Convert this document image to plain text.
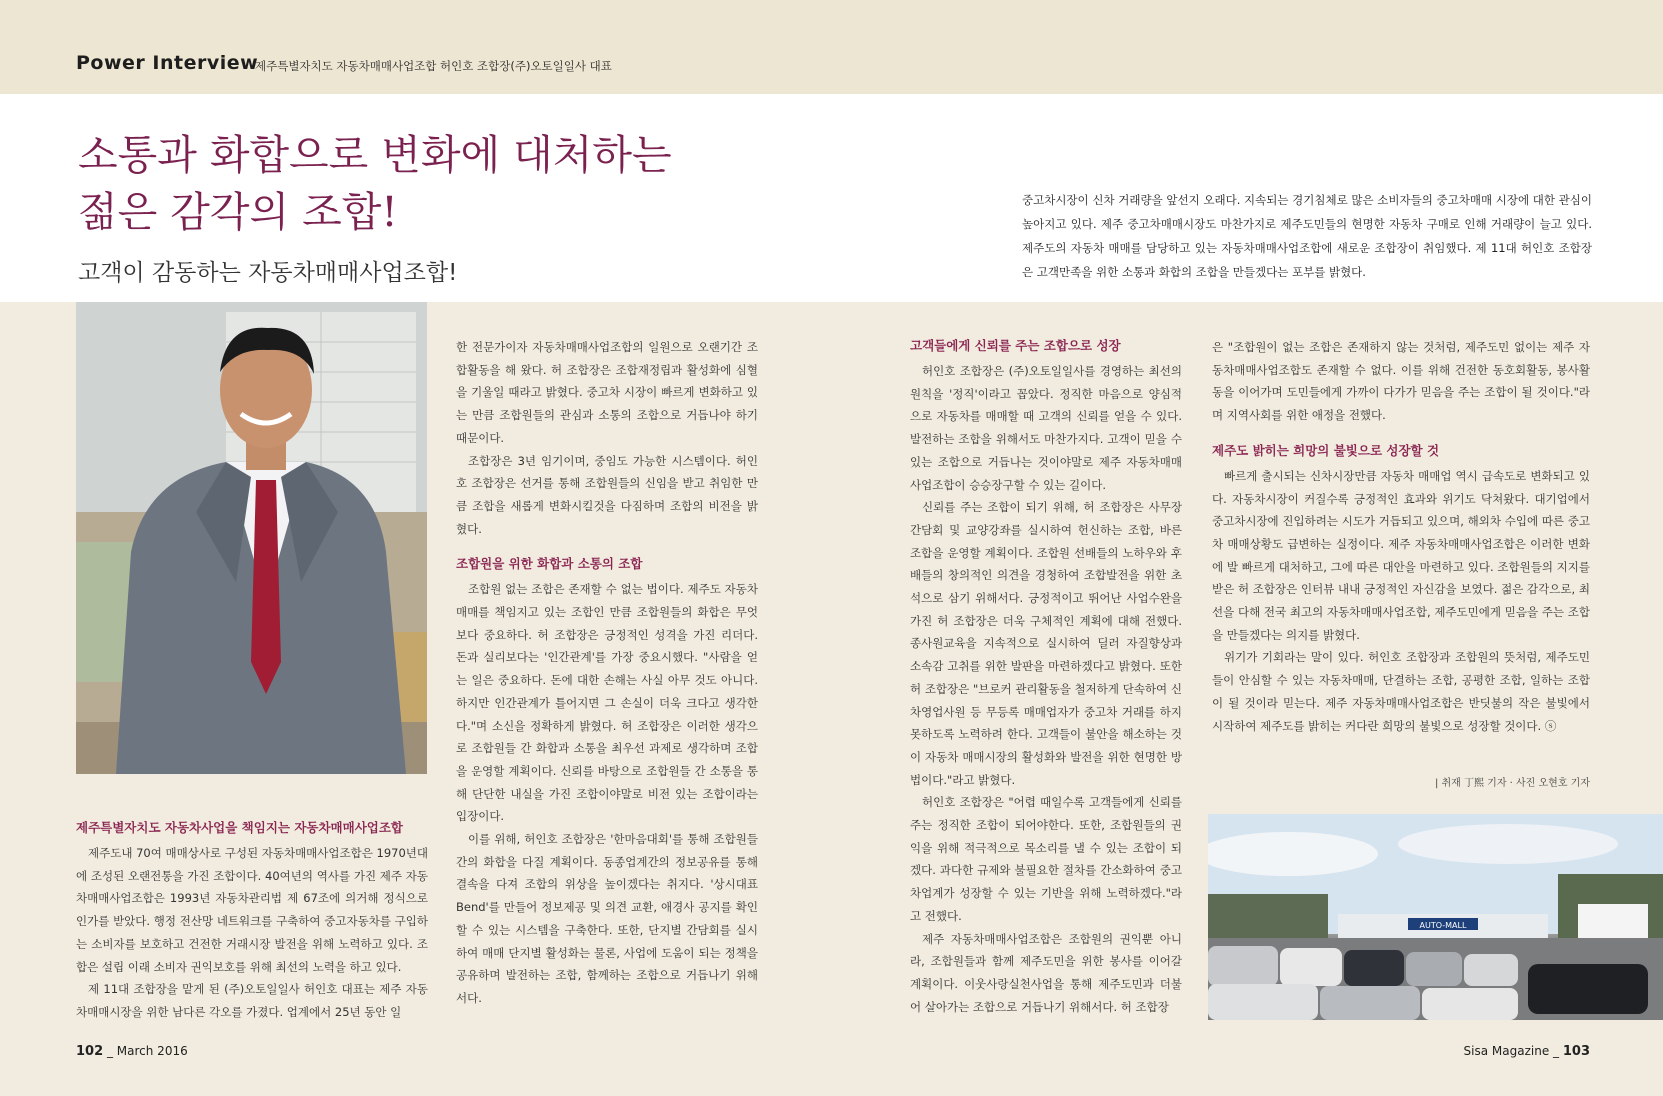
Power Interview
제주특별자치도 자동차매매사업조합 허인호 조합장(주)오토일일사 대표
소통과 화합으로 변화에 대처하는
젊은 감각의 조합!
고객이 감동하는 자동차매매사업조합!
중고차시장이 신차 거래량을 앞선지 오래다. 지속되는 경기침체로 많은 소비자들의 중고차매매 시장에 대한 관심이 높아지고 있다. 제주 중고차매매시장도 마찬가지로 제주도민들의 현명한 자동차 구매로 인해 거래량이 늘고 있다. 제주도의 자동차 매매를 담당하고 있는 자동차매매사업조합에 새로운 조합장이 취임했다. 제 11대 허인호 조합장은 고객만족을 위한 소통과 화합의 조합을 만들겠다는 포부를 밝혔다.

제주특별자치도 자동차사업을 책임지는 자동차매매사업조합

제주도내 70여 매매상사로 구성된 자동차매매사업조합은 1970년대에 조성된 오랜전통을 가진 조합이다. 40여년의 역사를 가진 제주 자동차매매사업조합은 1993년 자동차관리법 제 67조에 의거해 정식으로 인가를 받았다. 행정 전산망 네트워크를 구축하여 중고자동차를 구입하는 소비자를 보호하고 건전한 거래시장 발전을 위해 노력하고 있다. 조합은 설립 이래 소비자 권익보호를 위해 최선의 노력을 하고 있다.

제 11대 조합장을 맡게 된 (주)오토일일사 허인호 대표는 제주 자동차매매시장을 위한 남다른 각오를 가졌다. 업계에서 25년 동안 일

한 전문가이자 자동차매매사업조합의 일원으로 오랜기간 조합활동을 해 왔다. 허 조합장은 조합재정립과 활성화에 심혈을 기울일 때라고 밝혔다. 중고차 시장이 빠르게 변화하고 있는 만큼 조합원들의 관심과 소통의 조합으로 거듭나야 하기 때문이다.

조합장은 3년 임기이며, 중임도 가능한 시스템이다. 허인호 조합장은 선거를 통해 조합원들의 신임을 받고 취임한 만큼 조합을 새롭게 변화시킬것을 다짐하며 조합의 비전을 밝혔다.

조합원을 위한 화합과 소통의 조합

조합원 없는 조합은 존재할 수 없는 법이다. 제주도 자동차매매를 책임지고 있는 조합인 만큼 조합원들의 화합은 무엇보다 중요하다. 허 조합장은 긍정적인 성격을 가진 리더다. 돈과 실리보다는 '인간관계'를 가장 중요시했다. "사람을 얻는 일은 중요하다. 돈에 대한 손해는 사실 아무 것도 아니다. 하지만 인간관계가 틀어지면 그 손실이 더욱 크다고 생각한다."며 소신을 정확하게 밝혔다. 허 조합장은 이러한 생각으로 조합원들 간 화합과 소통을 최우선 과제로 생각하며 조합을 운영할 계획이다. 신뢰를 바탕으로 조합원들 간 소통을 통해 단단한 내실을 가진 조합이야말로 비전 있는 조합이라는 입장이다.

이를 위해, 허인호 조합장은 '한마음대회'를 통해 조합원들 간의 화합을 다질 계획이다. 동종업계간의 정보공유를 통해 결속을 다져 조합의 위상을 높이겠다는 취지다. '상시대표 Bend'를 만들어 정보제공 및 의견 교환, 애경사 공지를 확인할 수 있는 시스템을 구축한다. 또한, 단지별 간담회를 실시하여 매매 단지별 활성화는 물론, 사업에 도움이 되는 정책을 공유하며 발전하는 조합, 함께하는 조합으로 거듭나기 위해서다.

고객들에게 신뢰를 주는 조합으로 성장

허인호 조합장은 (주)오토일일사를 경영하는 최선의 원칙을 '정직'이라고 꼽았다. 정직한 마음으로 양심적으로 자동차를 매매할 때 고객의 신뢰를 얻을 수 있다. 발전하는 조합을 위해서도 마찬가지다. 고객이 믿을 수 있는 조합으로 거듭나는 것이야말로 제주 자동차매매사업조합이 승승장구할 수 있는 길이다.

신뢰를 주는 조합이 되기 위해, 허 조합장은 사무장 간담회 및 교양강좌를 실시하여 헌신하는 조합, 바른 조합을 운영할 계획이다. 조합원 선배들의 노하우와 후배들의 창의적인 의견을 경청하여 조합발전을 위한 초석으로 삼기 위해서다. 긍정적이고 뛰어난 사업수완을 가진 허 조합장은 더욱 구체적인 계획에 대해 전했다. 종사원교육을 지속적으로 실시하여 딜러 자질향상과 소속감 고취를 위한 발판을 마련하겠다고 밝혔다. 또한 허 조합장은 "브로커 관리활동을 철저하게 단속하여 신차영업사원 등 무등록 매매업자가 중고차 거래를 하지 못하도록 노력하려 한다. 고객들이 불안을 해소하는 것이 자동차 매매시장의 활성화와 발전을 위한 현명한 방법이다."라고 밝혔다.

허인호 조합장은 "어렵 때일수록 고객들에게 신뢰를 주는 정직한 조합이 되어야한다. 또한, 조합원들의 권익을 위해 적극적으로 목소리를 낼 수 있는 조합이 되겠다. 과다한 규제와 불필요한 절차를 간소화하여 중고차업계가 성장할 수 있는 기반을 위해 노력하겠다."라고 전했다.

제주 자동차매매사업조합은 조합원의 권익뿐 아니라, 조합원들과 함께 제주도민을 위한 봉사를 이어갈 계획이다. 이웃사랑실천사업을 통해 제주도민과 더불어 살아가는 조합으로 거듭나기 위해서다. 허 조합장

은 "조합원이 없는 조합은 존재하지 않는 것처럼, 제주도민 없이는 제주 자동차매매사업조합도 존재할 수 없다. 이를 위해 건전한 동호회활동, 봉사활동을 이어가며 도민들에게 가까이 다가가 믿음을 주는 조합이 될 것이다."라며 지역사회를 위한 애정을 전했다.

제주도 밝히는 희망의 불빛으로 성장할 것

빠르게 출시되는 신차시장만큼 자동차 매매업 역시 급속도로 변화되고 있다. 자동차시장이 커질수록 긍정적인 효과와 위기도 닥쳐왔다. 대기업에서 중고차시장에 진입하려는 시도가 거듭되고 있으며, 해외차 수입에 따른 중고차 매매상황도 급변하는 실정이다. 제주 자동차매매사업조합은 이러한 변화에 발 빠르게 대처하고, 그에 따른 대안을 마련하고 있다. 조합원들의 지지를 받은 허 조합장은 인터뷰 내내 긍정적인 자신감을 보였다. 젊은 감각으로, 최선을 다해 전국 최고의 자동차매매사업조합, 제주도민에게 믿음을 주는 조합을 만들겠다는 의지를 밝혔다.

위기가 기회라는 말이 있다. 허인호 조합장과 조합원의 뜻처럼, 제주도민들이 안심할 수 있는 자동차매매, 단결하는 조합, 공평한 조합, 일하는 조합이 될 것이라 믿는다. 제주 자동차매매사업조합은 반딧불의 작은 불빛에서 시작하여 제주도를 밝히는 커다란 희망의 불빛으로 성장할 것이다. ⓢ

| 취재 丁熙 기자 · 사진 오현호 기자
AUTO-MALL
102 _ March 2016	Sisa Magazine _ 103
